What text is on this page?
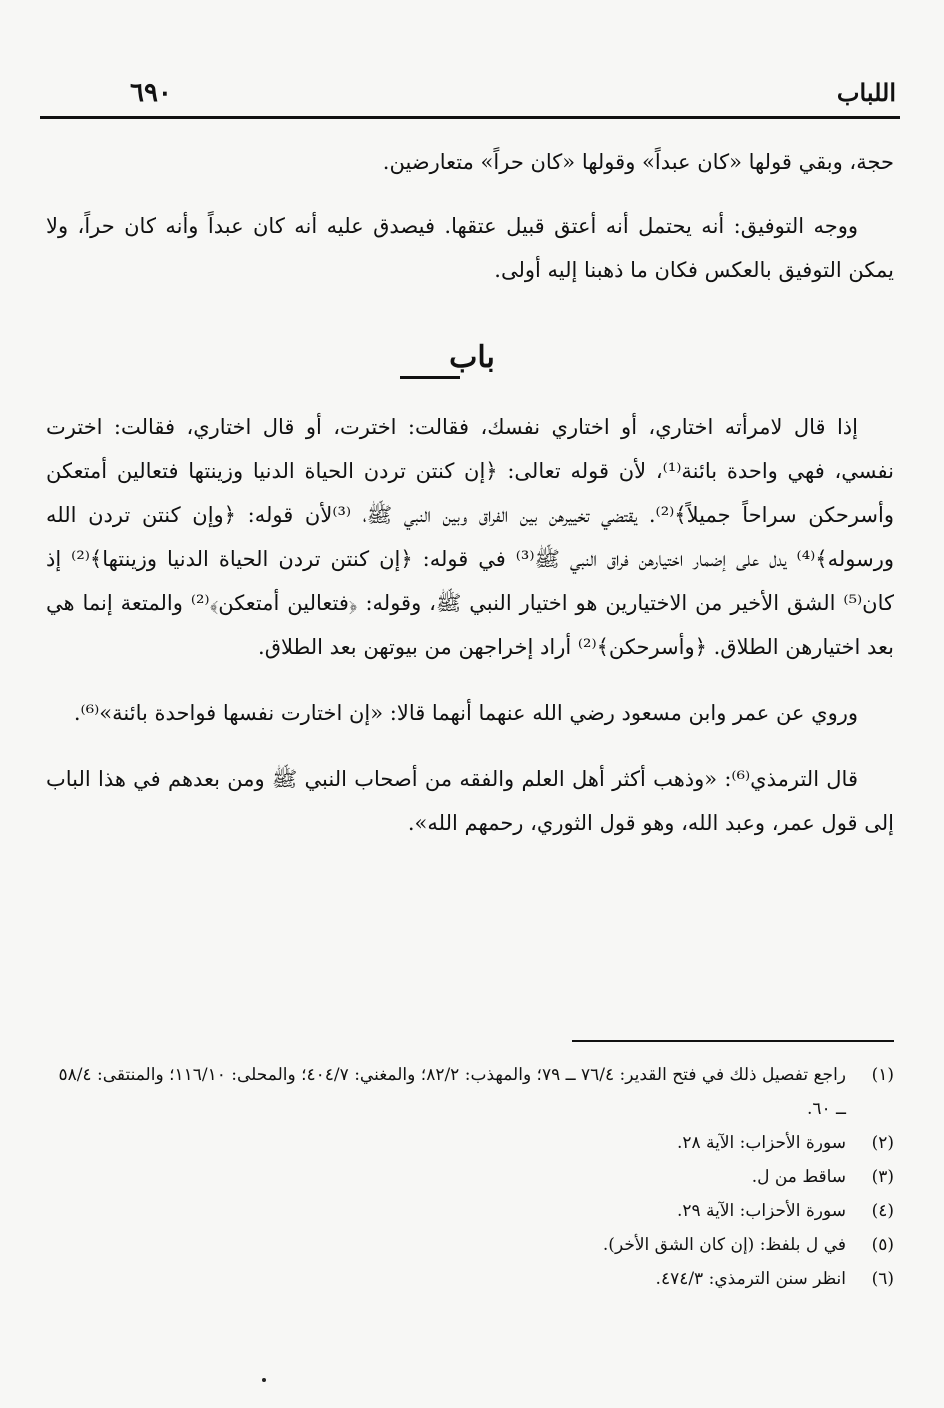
٦٩٠	اللباب

حجة، وبقي قولها «كان عبداً» وقولها «كان حراً» متعارضين.

ووجه التوفيق: أنه يحتمل أنه أعتق قبيل عتقها. فيصدق عليه أنه كان عبداً وأنه كان حراً، ولا يمكن التوفيق بالعكس فكان ما ذهبنا إليه أولى.

باب

إذا قال لامرأته اختاري، أو اختاري نفسك، فقالت: اخترت، أو قال اختاري، فقالت: اخترت نفسي، فهي واحدة بائنة⁽¹⁾، لأن قوله تعالى: ﴿إن كنتن تردن الحياة الدنيا وزينتها فتعالين أمتعكن وأسرحكن سراحاً جميلاً﴾⁽²⁾. يقتضي تخييرهن بين الفراق وبين النبي ﷺ، ⁽³⁾لأن قوله: ﴿وإن كنتن تردن الله ورسوله﴾⁽⁴⁾ يدل على إضمار اختيارهن فراق النبي ﷺ⁽³⁾ في قوله: ﴿إن كنتن تردن الحياة الدنيا وزينتها﴾⁽²⁾ إذ كان⁽⁵⁾ الشق الأخير من الاختيارين هو اختيار النبي ﷺ، وقوله: ﴿فتعالين أمتعكن﴾⁽²⁾ والمتعة إنما هي بعد اختيارهن الطلاق. ﴿وأسرحكن﴾⁽²⁾ أراد إخراجهن من بيوتهن بعد الطلاق.

وروي عن عمر وابن مسعود رضي الله عنهما أنهما قالا: «إن اختارت نفسها فواحدة بائنة»⁽⁶⁾.

قال الترمذي⁽⁶⁾: «وذهب أكثر أهل العلم والفقه من أصحاب النبي ﷺ ومن بعدهم في هذا الباب إلى قول عمر، وعبد الله، وهو قول الثوري، رحمهم الله».

(١)
راجع تفصيل ذلك في فتح القدير: ٧٦/٤ ــ ٧٩؛ والمهذب: ٨٢/٢؛ والمغني: ٤٠٤/٧؛ والمحلى: ١١٦/١٠؛ والمنتقى: ٥٨/٤ ــ ٦٠.
(٢)
سورة الأحزاب: الآية ٢٨.
(٣)
ساقط من ل.
(٤)
سورة الأحزاب: الآية ٢٩.
(٥)
في ل بلفظ: (إن كان الشق الأخر).
(٦)
انظر سنن الترمذي: ٤٧٤/٣.
